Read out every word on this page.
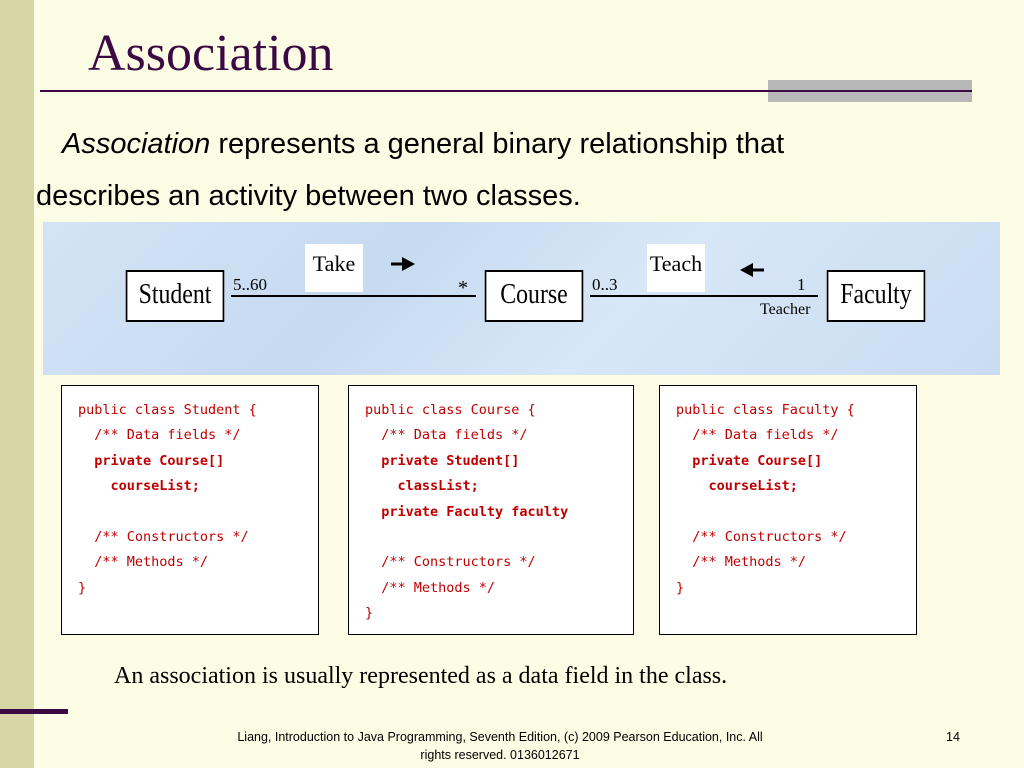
Association

Association represents a general binary relationship that
describes an activity between two classes.

Student	Course	Faculty
Take	Teach
5..60	*	0..3	1
Teacher
public class Student {
/** Data fields */
private Course[]
courseList;

/** Constructors */
/** Methods */
}
public class Course {
/** Data fields */
private Student[]
classList;
private Faculty faculty

/** Constructors */
/** Methods */
}
public class Faculty {
/** Data fields */
private Course[]
courseList;

/** Constructors */
/** Methods */
}
An association is usually represented as a data field in the class.
Liang, Introduction to Java Programming, Seventh Edition, (c) 2009 Pearson Education, Inc. All
rights reserved. 0136012671
14
